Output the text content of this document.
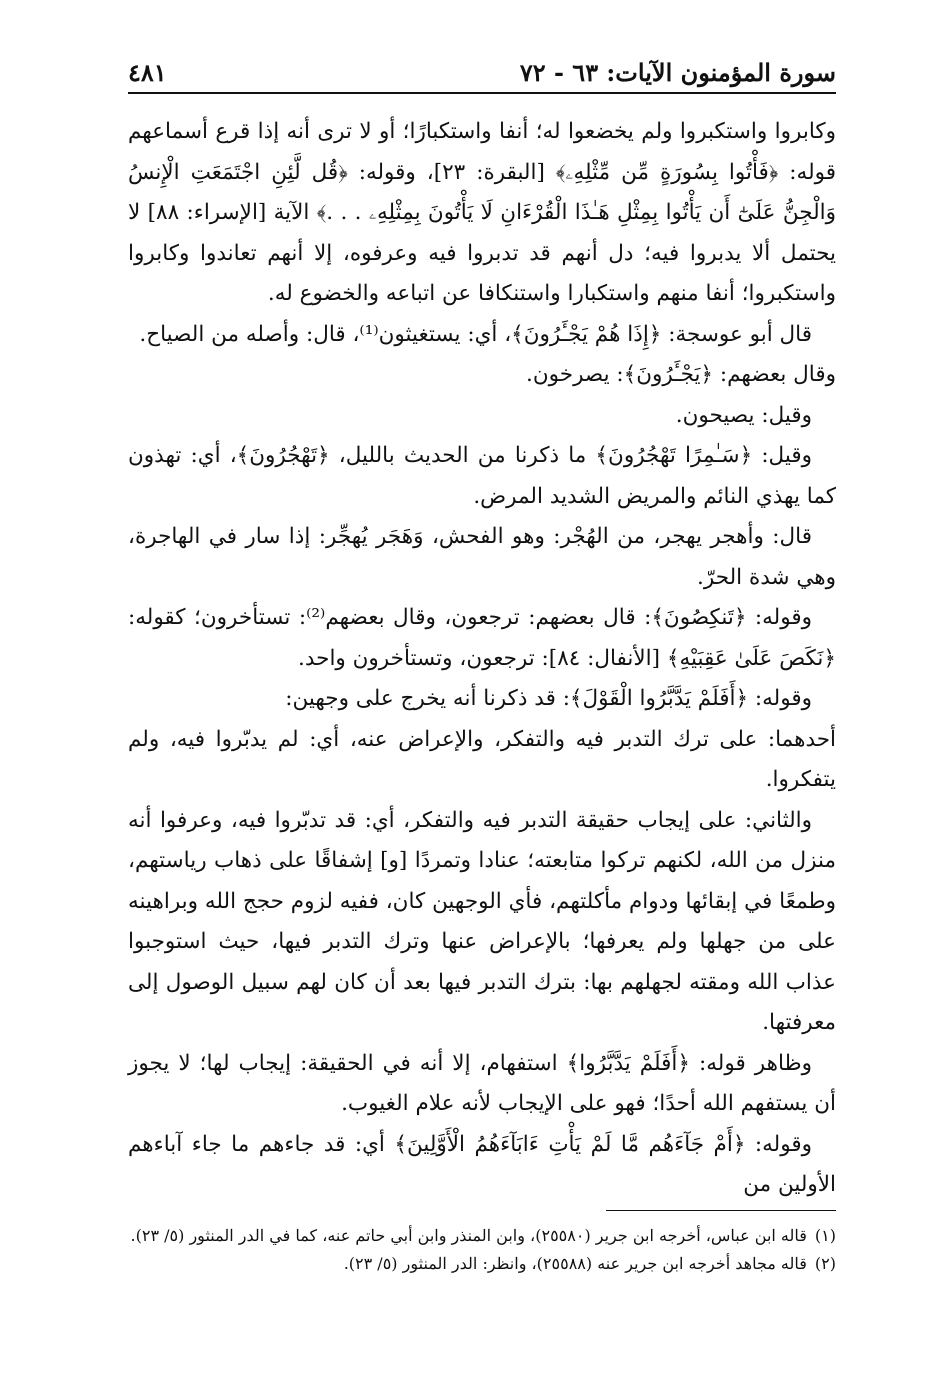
سورة المؤمنون الآيات: ٦٣ - ٧٢
٤٨١

وكابروا واستكبروا ولم يخضعوا له؛ أنفا واستكبارًا؛ أو لا ترى أنه إذا قرع أسماعهم قوله: ﴿فَأْتُوا بِسُورَةٍ مِّن مِّثْلِهِۦ﴾ [البقرة: ٢٣]، وقوله: ﴿قُل لَّئِنِ اجْتَمَعَتِ الْإِنسُ وَالْجِنُّ عَلَىٰٓ أَن يَأْتُوا بِمِثْلِ هَـٰذَا الْقُرْءَانِ لَا يَأْتُونَ بِمِثْلِهِۦ . . .﴾ الآية [الإسراء: ٨٨] لا يحتمل ألا يدبروا فيه؛ دل أنهم قد تدبروا فيه وعرفوه، إلا أنهم تعاندوا وكابروا واستكبروا؛ أنفا منهم واستكبارا واستنكافا عن اتباعه والخضوع له.

قال أبو عوسجة: ﴿إِذَا هُمْ يَجْـَٔرُونَ﴾، أي: يستغيثون⁽¹⁾، قال: وأصله من الصياح.

وقال بعضهم: ﴿يَجْـَٔرُونَ﴾: يصرخون.

وقيل: يصيحون.

وقيل: ﴿سَـٰمِرًا تَهْجُرُونَ﴾ ما ذكرنا من الحديث بالليل، ﴿تَهْجُرُونَ﴾، أي: تهذون كما يهذي النائم والمريض الشديد المرض.

قال: وأهجر يهجر، من الهُجْر: وهو الفحش، وَهَجَر يُهجِّر: إذا سار في الهاجرة، وهي شدة الحرّ.

وقوله: ﴿تَنكِصُونَ﴾: قال بعضهم: ترجعون، وقال بعضهم⁽²⁾: تستأخرون؛ كقوله: ﴿نَكَصَ عَلَىٰ عَقِبَيْهِ﴾ [الأنفال: ٨٤]: ترجعون، وتستأخرون واحد.

وقوله: ﴿أَفَلَمْ يَدَّبَّرُوا الْقَوْلَ﴾: قد ذكرنا أنه يخرج على وجهين:

أحدهما: على ترك التدبر فيه والتفكر، والإعراض عنه، أي: لم يدبّروا فيه، ولم يتفكروا.

والثاني: على إيجاب حقيقة التدبر فيه والتفكر، أي: قد تدبّروا فيه، وعرفوا أنه منزل من الله، لكنهم تركوا متابعته؛ عنادا وتمردًا [و] إشفاقًا على ذهاب رياستهم، وطمعًا في إبقائها ودوام مأكلتهم، فأي الوجهين كان، ففيه لزوم حجج الله وبراهينه على من جهلها ولم يعرفها؛ بالإعراض عنها وترك التدبر فيها، حيث استوجبوا عذاب الله ومقته لجهلهم بها: بترك التدبر فيها بعد أن كان لهم سبيل الوصول إلى معرفتها.

وظاهر قوله: ﴿أَفَلَمْ يَدَّبَّرُوا﴾ استفهام، إلا أنه في الحقيقة: إيجاب لها؛ لا يجوز أن يستفهم الله أحدًا؛ فهو على الإيجاب لأنه علام الغيوب.

وقوله: ﴿أَمْ جَآءَهُم مَّا لَمْ يَأْتِ ءَابَآءَهُمُ الْأَوَّلِينَ﴾ أي: قد جاءهم ما جاء آباءهم الأولين من

(١)قاله ابن عباس، أخرجه ابن جرير (٢٥٥٨٠)، وابن المنذر وابن أبي حاتم عنه، كما في الدر المنثور (٥/ ٢٣).

(٢)قاله مجاهد أخرجه ابن جرير عنه (٢٥٥٨٨)، وانظر: الدر المنثور (٥/ ٢٣).
